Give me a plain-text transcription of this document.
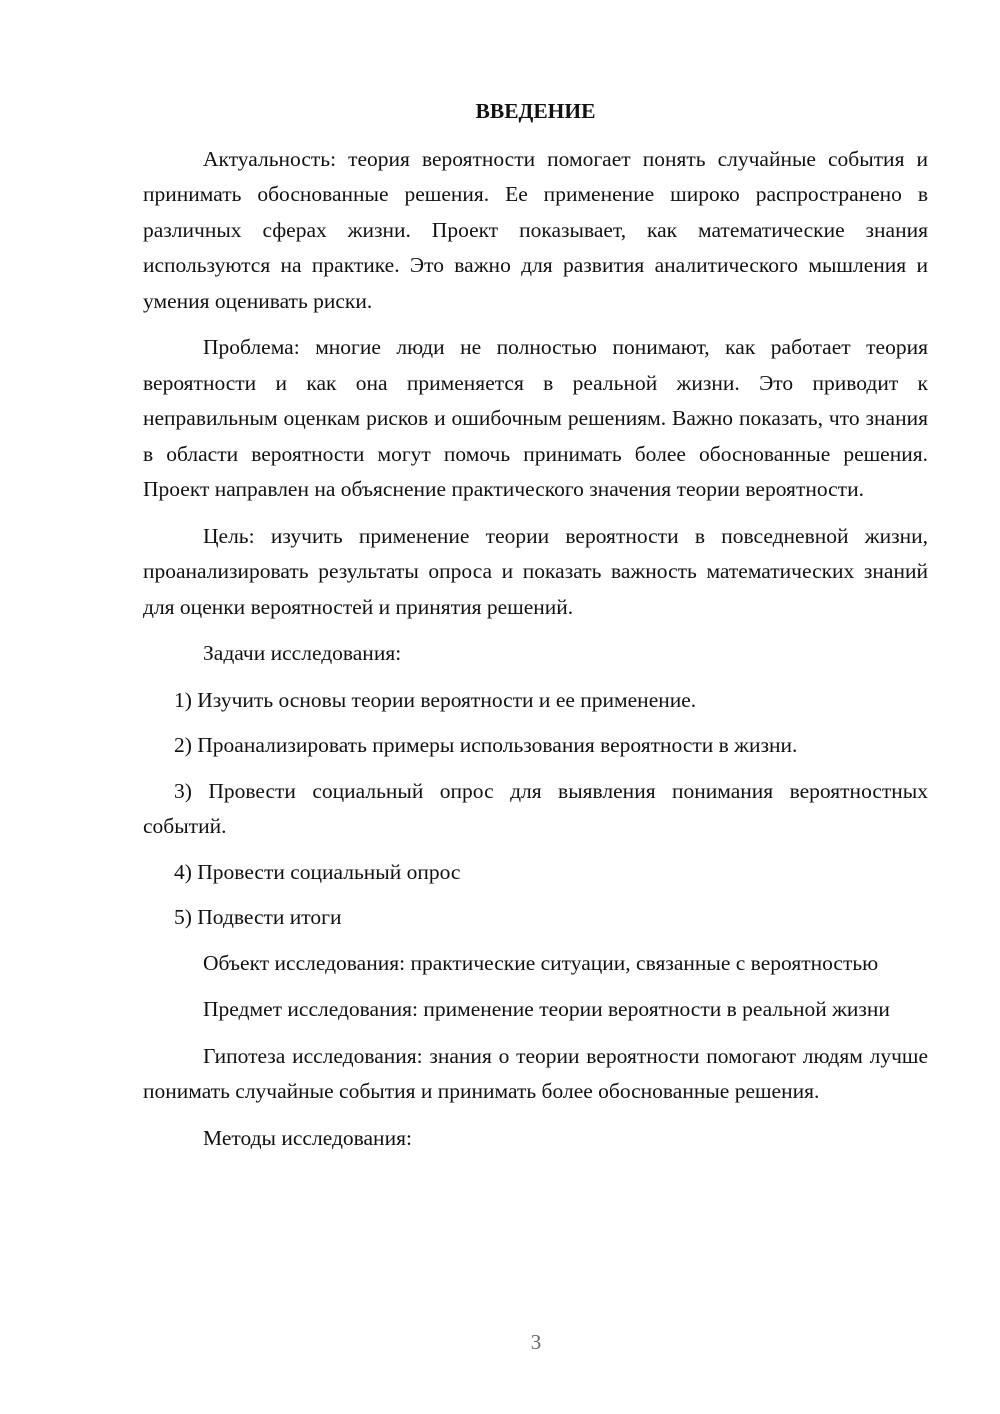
ВВЕДЕНИЕ

Актуальность: теория вероятности помогает понять случайные события и принимать обоснованные решения. Ее применение широко распространено в различных сферах жизни. Проект показывает, как математические знания используются на практике. Это важно для развития аналитического мышления и умения оценивать риски.

Проблема: многие люди не полностью понимают, как работает теория вероятности и как она применяется в реальной жизни. Это приводит к неправильным оценкам рисков и ошибочным решениям. Важно показать, что знания в области вероятности могут помочь принимать более обоснованные решения. Проект направлен на объяснение практического значения теории вероятности.

Цель: изучить применение теории вероятности в повседневной жизни, проанализировать результаты опроса и показать важность математических знаний для оценки вероятностей и принятия решений.

Задачи исследования:

1) Изучить основы теории вероятности и ее применение.

2) Проанализировать примеры использования вероятности в жизни.

3) Провести социальный опрос для выявления понимания вероятностных событий.

4) Провести социальный опрос

5) Подвести итоги

Объект исследования: практические ситуации, связанные с вероятностью

Предмет исследования: применение теории вероятности в реальной жизни

Гипотеза исследования: знания о теории вероятности помогают людям лучше понимать случайные события и принимать более обоснованные решения.

Методы исследования:

3
